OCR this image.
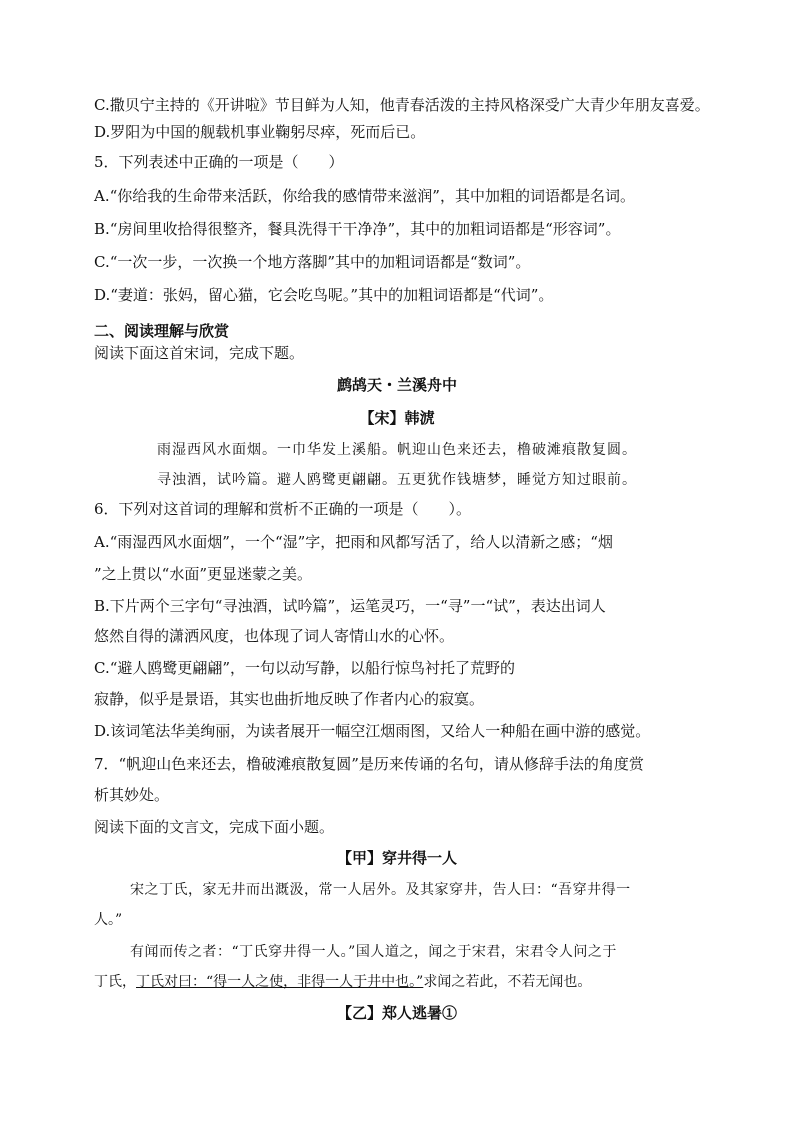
C.撒贝宁主持的《开讲啦》节目鲜为人知，他青春活泼的主持风格深受广大青少年朋友喜爱。
D.罗阳为中国的舰载机事业鞠躬尽瘁，死而后已。
5．下列表述中正确的一项是（　　）
A.“你给我的生命带来活跃，你给我的感情带来滋润”，其中加粗的词语都是名词。
B.“房间里收拾得很整齐，餐具洗得干干净净”，其中的加粗词语都是“形容词”。
C.“一次一步，一次换一个地方落脚”其中的加粗词语都是“数词”。
D.“妻道：张妈，留心猫，它会吃鸟呢。”其中的加粗词语都是“代词”。
二、阅读理解与欣赏
阅读下面这首宋词，完成下题。
鹧鸪天・兰溪舟中
【宋】韩淲
雨湿西风水面烟。一巾华发上溪船。帆迎山色来还去，橹破滩痕散复圆。
寻浊酒，试吟篇。避人鸥鹭更翩翩。五更犹作钱塘梦，睡觉方知过眼前。
6．下列对这首词的理解和赏析不正确的一项是（　　）。
A.“雨湿西风水面烟”，一个“湿”字，把雨和风都写活了，给人以清新之感；“烟
”之上贯以“水面”更显迷蒙之美。
B.下片两个三字句“寻浊酒，试吟篇”，运笔灵巧，一“寻”一“试”，表达出词人
悠然自得的潇洒风度，也体现了词人寄情山水的心怀。
C.“避人鸥鹭更翩翩”，一句以动写静，以船行惊鸟衬托了荒野的
寂静，似乎是景语，其实也曲折地反映了作者内心的寂寞。
D.该词笔法华美绚丽，为读者展开一幅空江烟雨图，又给人一种船在画中游的感觉。
7．“帆迎山色来还去，橹破滩痕散复圆”是历来传诵的名句，请从修辞手法的角度赏
析其妙处。
阅读下面的文言文，完成下面小题。
【甲】穿井得一人
宋之丁氏，家无井而出溉汲，常一人居外。及其家穿井，告人曰：“吾穿井得一
人。”
有闻而传之者：“丁氏穿井得一人。”国人道之，闻之于宋君，宋君令人问之于
丁氏，丁氏对曰：“得一人之使，非得一人于井中也。”求闻之若此，不若无闻也。
【乙】郑人逃暑①
